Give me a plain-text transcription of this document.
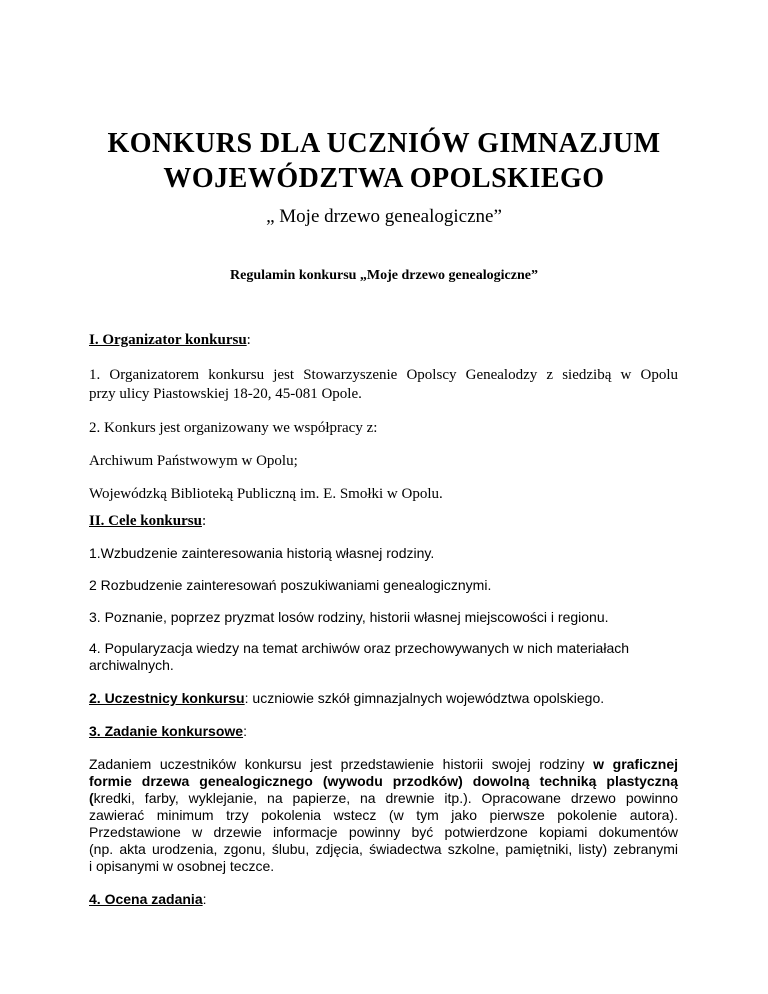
KONKURS DLA UCZNIÓW GIMNAZJUM
WOJEWÓDZTWA OPOLSKIEGO
„ Moje drzewo genealogiczne”
Regulamin konkursu „Moje drzewo genealogiczne”
I. Organizator konkursu:
1. Organizatorem konkursu jest Stowarzyszenie Opolscy Genealodzy z siedzibą w Opolu
przy ulicy Piastowskiej 18-20, 45-081 Opole.
2. Konkurs jest organizowany we współpracy z:
Archiwum Państwowym w Opolu;
Wojewódzką Biblioteką Publiczną im. E. Smołki w Opolu.
II. Cele konkursu:
1.Wzbudzenie zainteresowania historią własnej rodziny.
2 Rozbudzenie zainteresowań poszukiwaniami genealogicznymi.
3. Poznanie, poprzez pryzmat losów rodziny, historii własnej miejscowości i regionu.
4. Popularyzacja wiedzy na temat archiwów oraz przechowywanych w nich materiałach
archiwalnych.
2. Uczestnicy konkursu: uczniowie szkół gimnazjalnych województwa opolskiego.
3. Zadanie konkursowe:
Zadaniem uczestników konkursu jest przedstawienie historii swojej rodziny w graficznej
formie drzewa genealogicznego (wywodu przodków) dowolną techniką plastyczną
(kredki, farby, wyklejanie, na papierze, na drewnie itp.). Opracowane drzewo powinno
zawierać minimum trzy pokolenia wstecz (w tym jako pierwsze pokolenie autora).
Przedstawione w drzewie informacje powinny być potwierdzone kopiami dokumentów
(np. akta urodzenia, zgonu, ślubu, zdjęcia, świadectwa szkolne, pamiętniki, listy) zebranymi
i opisanymi w osobnej teczce.
4. Ocena zadania:
